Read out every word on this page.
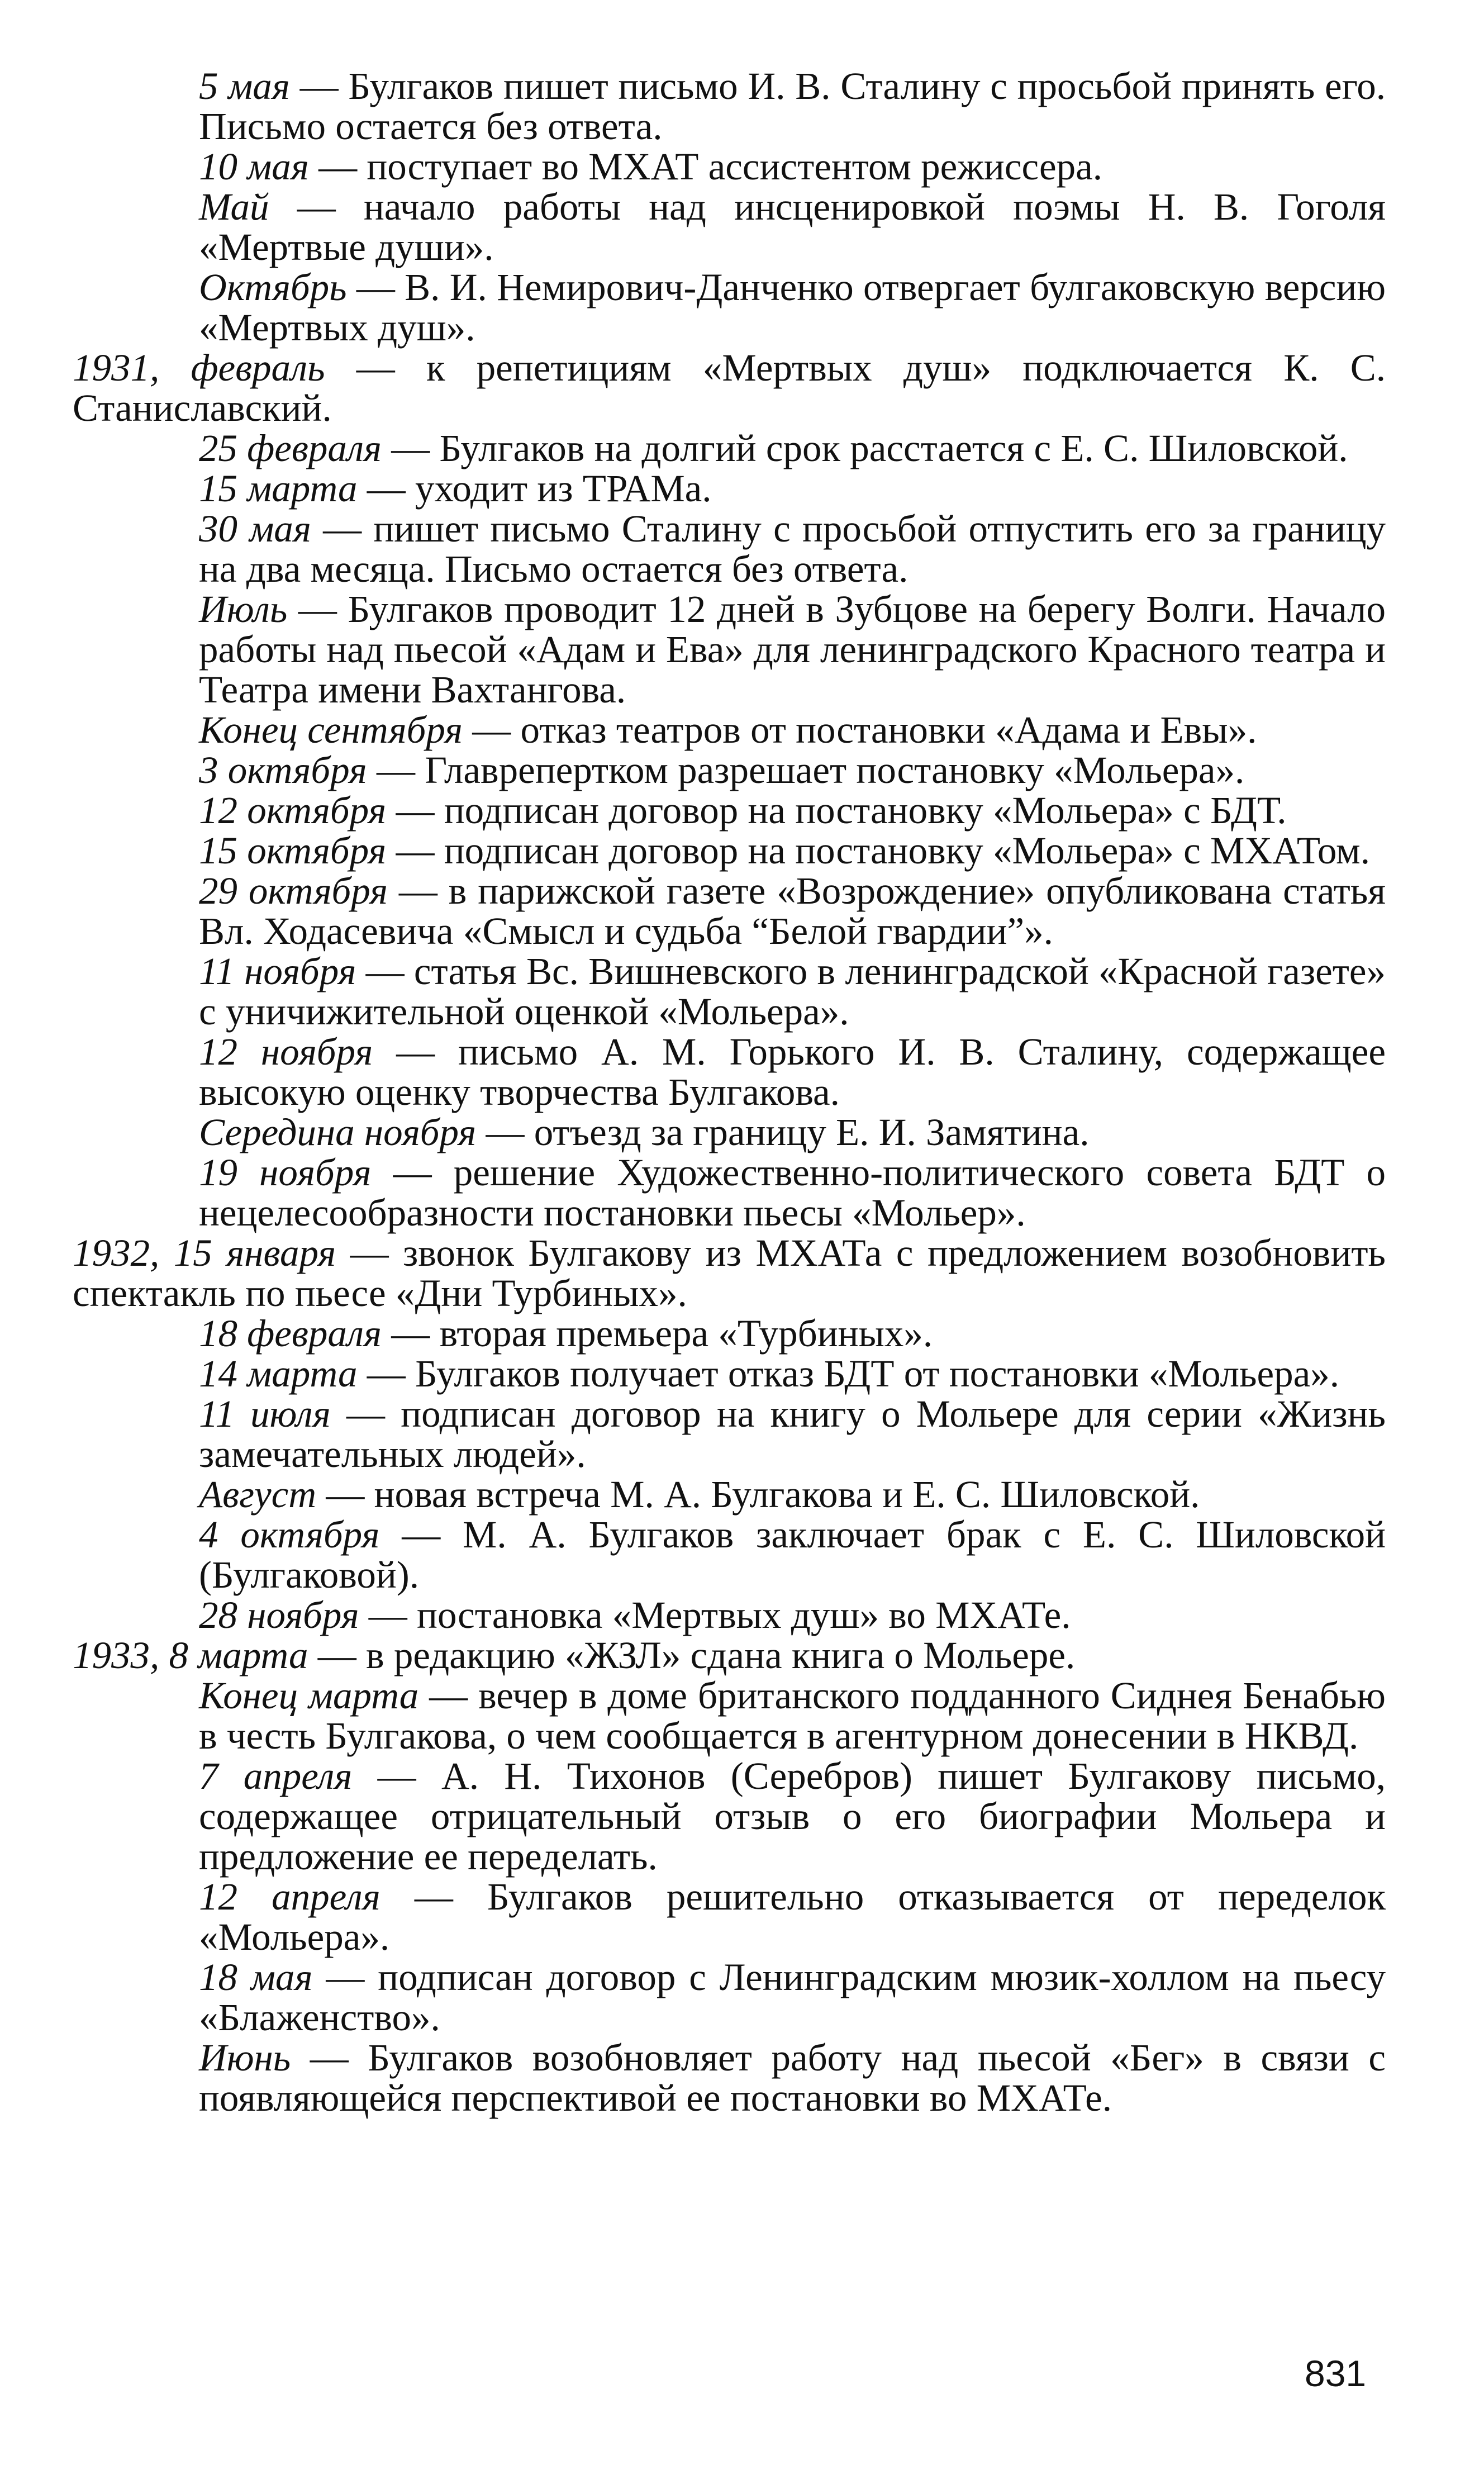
5 мая — Булгаков пишет письмо И. В. Сталину с просьбой принять его. Письмо остается без ответа.
10 мая — поступает во МХАТ ассистентом режиссера.
Май — начало работы над инсценировкой поэмы Н. В. Гоголя «Мертвые души».
Октябрь — В. И. Немирович-Данченко отвергает булгаковскую версию «Мертвых душ».
1931, февраль — к репетициям «Мертвых душ» подключается К. С. Станиславский.
25 февраля — Булгаков на долгий срок расстается с Е. С. Шиловской.
15 марта — уходит из ТРАМа.
30 мая — пишет письмо Сталину с просьбой отпустить его за границу на два месяца. Письмо остается без ответа.
Июль — Булгаков проводит 12 дней в Зубцове на берегу Волги. Начало работы над пьесой «Адам и Ева» для ленинградского Красного театра и Театра имени Вахтангова.
Конец сентября — отказ театров от постановки «Адама и Евы».
3 октября — Главрепертком разрешает постановку «Мольера».
12 октября — подписан договор на постановку «Мольера» с БДТ.
15 октября — подписан договор на постановку «Мольера» с МХАТом.
29 октября — в парижской газете «Возрождение» опубликована статья Вл. Ходасевича «Смысл и судьба “Белой гвардии”».
11 ноября — статья Вс. Вишневского в ленинградской «Красной газете» с уничижительной оценкой «Мольера».
12 ноября — письмо А. М. Горького И. В. Сталину, содержащее высокую оценку творчества Булгакова.
Середина ноября — отъезд за границу Е. И. Замятина.
19 ноября — решение Художественно-политического совета БДТ о нецелесообразности постановки пьесы «Мольер».
1932, 15 января — звонок Булгакову из МХАТа с предложением возобновить спектакль по пьесе «Дни Турбиных».
18 февраля — вторая премьера «Турбиных».
14 марта — Булгаков получает отказ БДТ от постановки «Мольера».
11 июля — подписан договор на книгу о Мольере для серии «Жизнь замечательных людей».
Август — новая встреча М. А. Булгакова и Е. С. Шиловской.
4 октября — М. А. Булгаков заключает брак с Е. С. Шиловской (Булгаковой).
28 ноября — постановка «Мертвых душ» во МХАТе.
1933, 8 марта — в редакцию «ЖЗЛ» сдана книга о Мольере.
Конец марта — вечер в доме британского подданного Сиднея Бенабью в честь Булгакова, о чем сообщается в агентурном донесении в НКВД.
7 апреля — А. Н. Тихонов (Серебров) пишет Булгакову письмо, содержащее отрицательный отзыв о его биографии Мольера и предложение ее переделать.
12 апреля — Булгаков решительно отказывается от переделок «Мольера».
18 мая — подписан договор с Ленинградским мюзик-холлом на пьесу «Блаженство».
Июнь — Булгаков возобновляет работу над пьесой «Бег» в связи с появляющейся перспективой ее постановки во МХАТе.
831
